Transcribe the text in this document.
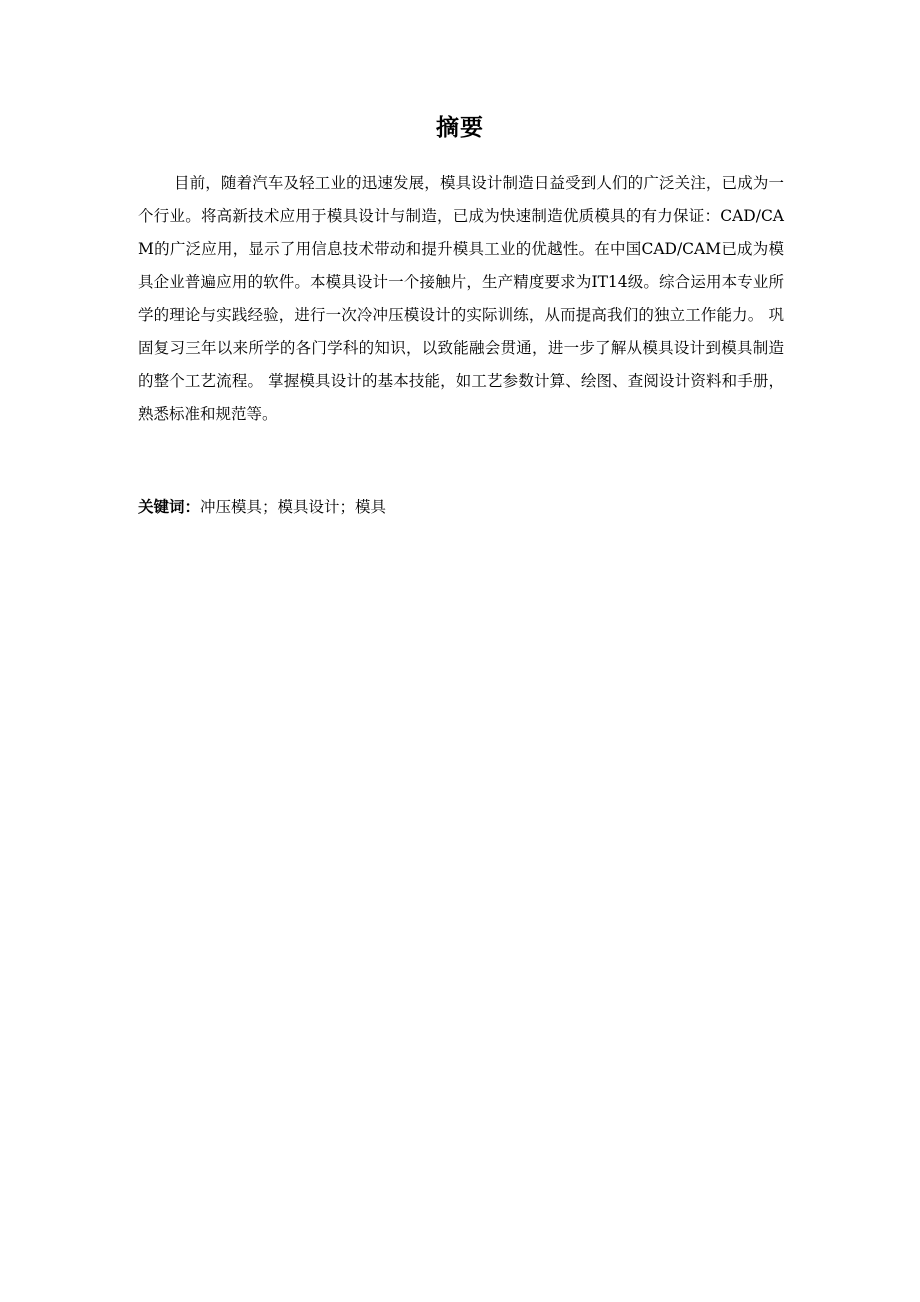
摘要

目前，随着汽车及轻工业的迅速发展，模具设计制造日益受到人们的广泛关注，已成为一个行业。将高新技术应用于模具设计与制造，已成为快速制造优质模具的有力保证：CAD/CAM的广泛应用，显示了用信息技术带动和提升模具工业的优越性。在中国CAD/CAM已成为模具企业普遍应用的软件。本模具设计一个接触片，生产精度要求为IT14级。综合运用本专业所学的理论与实践经验，进行一次冷冲压模设计的实际训练，从而提高我们的独立工作能力。 巩固复习三年以来所学的各门学科的知识，以致能融会贯通，进一步了解从模具设计到模具制造的整个工艺流程。 掌握模具设计的基本技能，如工艺参数计算、绘图、查阅设计资料和手册，熟悉标准和规范等。

关键词：冲压模具；模具设计；模具
